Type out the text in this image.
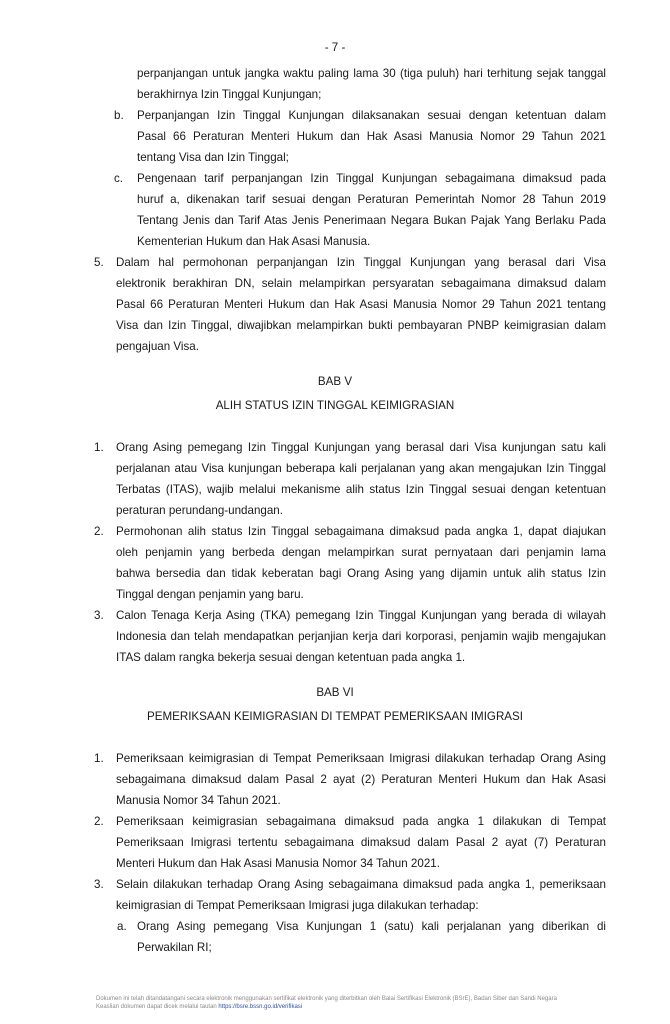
- 7 -
perpanjangan untuk jangka waktu paling lama 30 (tiga puluh) hari terhitung sejak tanggal
berakhirnya Izin Tinggal Kunjungan;
b. Perpanjangan Izin Tinggal Kunjungan dilaksanakan sesuai dengan ketentuan dalam
Pasal 66 Peraturan Menteri Hukum dan Hak Asasi Manusia Nomor 29 Tahun 2021
tentang Visa dan Izin Tinggal;
c. Pengenaan tarif perpanjangan Izin Tinggal Kunjungan sebagaimana dimaksud pada
huruf a, dikenakan tarif sesuai dengan Peraturan Pemerintah Nomor 28 Tahun 2019
Tentang Jenis dan Tarif Atas Jenis Penerimaan Negara Bukan Pajak Yang Berlaku Pada
Kementerian Hukum dan Hak Asasi Manusia.
5. Dalam hal permohonan perpanjangan Izin Tinggal Kunjungan yang berasal dari Visa
elektronik berakhiran DN, selain melampirkan persyaratan sebagaimana dimaksud dalam
Pasal 66 Peraturan Menteri Hukum dan Hak Asasi Manusia Nomor 29 Tahun 2021 tentang
Visa dan Izin Tinggal, diwajibkan melampirkan bukti pembayaran PNBP keimigrasian dalam
pengajuan Visa.
BAB V
ALIH STATUS IZIN TINGGAL KEIMIGRASIAN
1. Orang Asing pemegang Izin Tinggal Kunjungan yang berasal dari Visa kunjungan satu kali
perjalanan atau Visa kunjungan beberapa kali perjalanan yang akan mengajukan Izin Tinggal
Terbatas (ITAS), wajib melalui mekanisme alih status Izin Tinggal sesuai dengan ketentuan
peraturan perundang-undangan.
2. Permohonan alih status Izin Tinggal sebagaimana dimaksud pada angka 1, dapat diajukan
oleh penjamin yang berbeda dengan melampirkan surat pernyataan dari penjamin lama
bahwa bersedia dan tidak keberatan bagi Orang Asing yang dijamin untuk alih status Izin
Tinggal dengan penjamin yang baru.
3. Calon Tenaga Kerja Asing (TKA) pemegang Izin Tinggal Kunjungan yang berada di wilayah
Indonesia dan telah mendapatkan perjanjian kerja dari korporasi, penjamin wajib mengajukan
ITAS dalam rangka bekerja sesuai dengan ketentuan pada angka 1.
BAB VI
PEMERIKSAAN KEIMIGRASIAN DI TEMPAT PEMERIKSAAN IMIGRASI
1. Pemeriksaan keimigrasian di Tempat Pemeriksaan Imigrasi dilakukan terhadap Orang Asing
sebagaimana dimaksud dalam Pasal 2 ayat (2) Peraturan Menteri Hukum dan Hak Asasi
Manusia Nomor 34 Tahun 2021.
2. Pemeriksaan keimigrasian sebagaimana dimaksud pada angka 1 dilakukan di Tempat
Pemeriksaan Imigrasi tertentu sebagaimana dimaksud dalam Pasal 2 ayat (7) Peraturan
Menteri Hukum dan Hak Asasi Manusia Nomor 34 Tahun 2021.
3. Selain dilakukan terhadap Orang Asing sebagaimana dimaksud pada angka 1, pemeriksaan
keimigrasian di Tempat Pemeriksaan Imigrasi juga dilakukan terhadap:
a. Orang Asing pemegang Visa Kunjungan 1 (satu) kali perjalanan yang diberikan di
Perwakilan RI;
Dokumen ini telah ditandatangani secara elektronik menggunakan sertifikat elektronik yang diterbitkan oleh Balai Sertifikasi Elektronik (BSrE), Badan Siber dan Sandi Negara
Keaslian dokumen dapat dicek melalui tautan https://bsre.bssn.go.id/verifikasi
